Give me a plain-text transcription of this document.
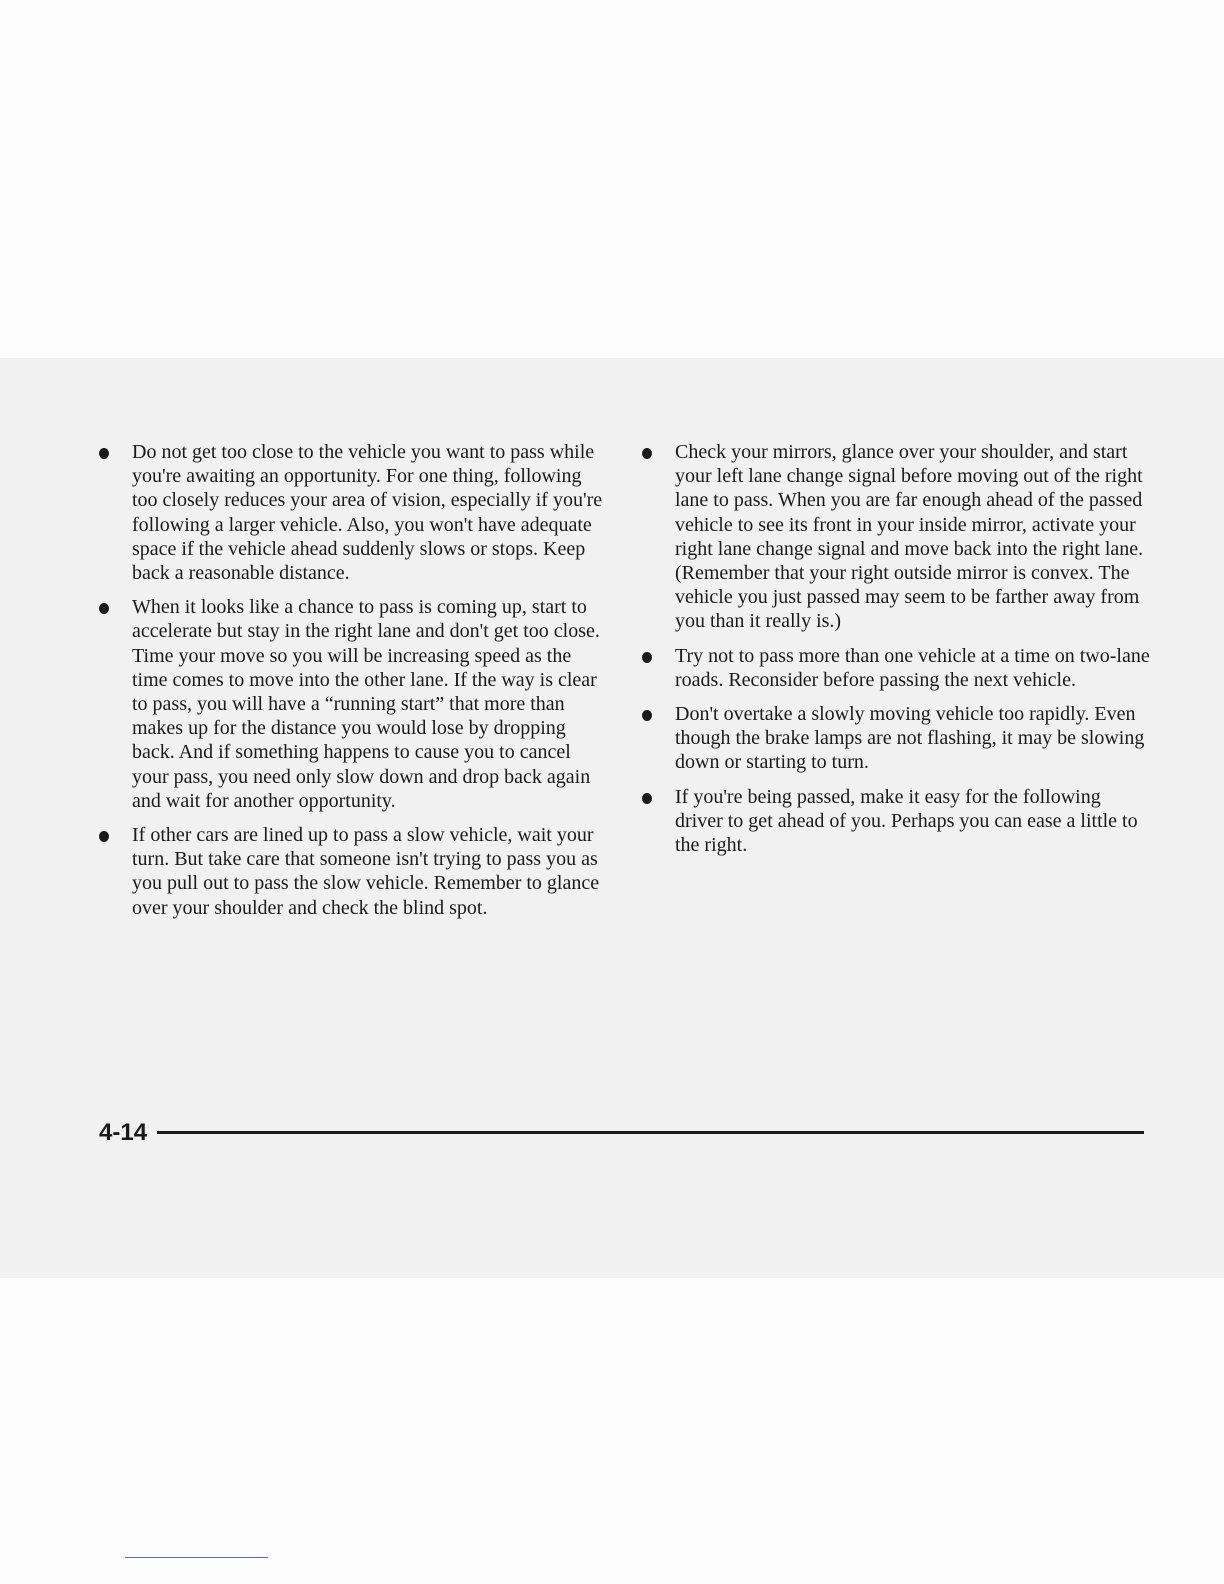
Do not get too close to the vehicle you want to pass while you're awaiting an opportunity. For one thing, following too closely reduces your area of vision, especially if you're following a larger vehicle. Also, you won't have adequate space if the vehicle ahead suddenly slows or stops. Keep back a reasonable distance.
When it looks like a chance to pass is coming up, start to accelerate but stay in the right lane and don't get too close. Time your move so you will be increasing speed as the time comes to move into the other lane. If the way is clear to pass, you will have a “running start” that more than makes up for the distance you would lose by dropping back. And if something happens to cause you to cancel your pass, you need only slow down and drop back again and wait for another opportunity.
If other cars are lined up to pass a slow vehicle, wait your turn. But take care that someone isn't trying to pass you as you pull out to pass the slow vehicle. Remember to glance over your shoulder and check the blind spot.
Check your mirrors, glance over your shoulder, and start your left lane change signal before moving out of the right lane to pass. When you are far enough ahead of the passed vehicle to see its front in your inside mirror, activate your right lane change signal and move back into the right lane. (Remember that your right outside mirror is convex. The vehicle you just passed may seem to be farther away from you than it really is.)
Try not to pass more than one vehicle at a time on two-lane roads. Reconsider before passing the next vehicle.
Don't overtake a slowly moving vehicle too rapidly. Even though the brake lamps are not flashing, it may be slowing down or starting to turn.
If you're being passed, make it easy for the following driver to get ahead of you. Perhaps you can ease a little to the right.
4-14
